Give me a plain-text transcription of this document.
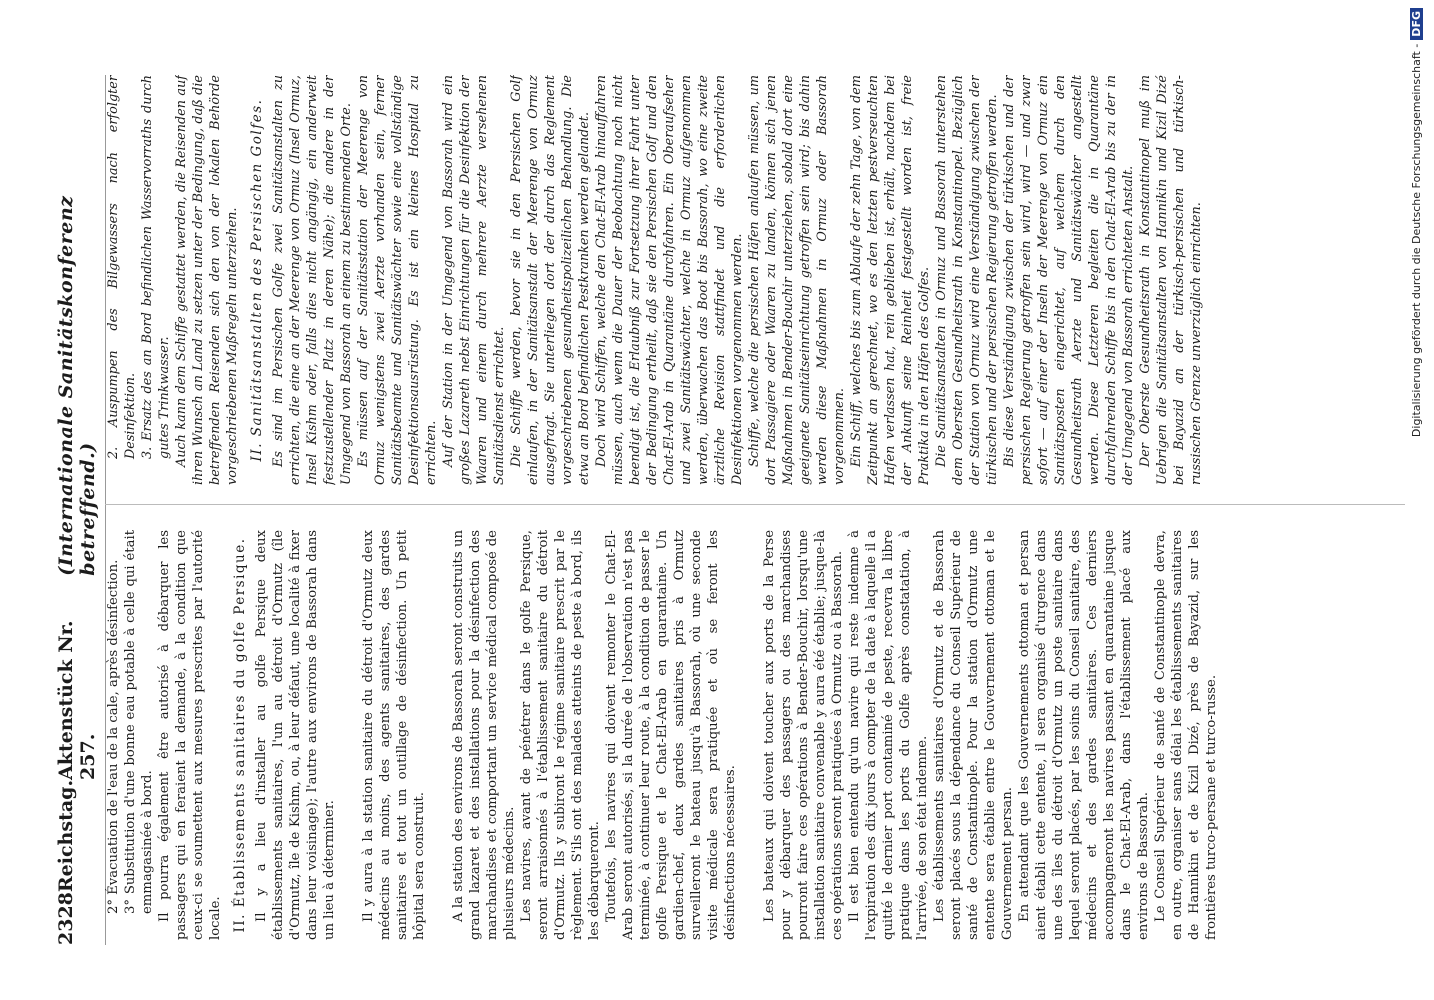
2328
Reichstag.
Aktenstück Nr. 257.
(Internationale Sanitätskonferenz betreffend.)

2° Évacuation de l'eau de la cale, après désinfection. 3° Substitution d'une bonne eau potable à celle qui était emmagasinée à bord. Il pourra également être autorisé à débarquer les passagers qui en feraient la demande, à la condition que ceux-ci se soumettent aux mesures prescrites par l'autorité locale. II. Établissements sanitaires du golfe Persique. Il y a lieu d'installer au golfe Persique deux établissements sanitaires, l'un au détroit d'Ormutz (île d'Ormutz, île de Kishm, ou, à leur défaut, une localité à fixer dans leur voisinage); l'autre aux environs de Bassorah dans un lieu à déterminer. Il y aura à la station sanitaire du détroit d'Ormutz deux médecins au moins, des agents sanitaires, des gardes sanitaires et tout un outillage de désinfection. Un petit hôpital sera construit. A la station des environs de Bassorah seront construits un grand lazaret et des installations pour la désinfection des marchandises et comportant un service médical composé de plusieurs médecins. Les navires, avant de pénétrer dans le golfe Persique, seront arraisonnés à l'établissement sanitaire du détroit d'Ormutz. Ils y subiront le régime sanitaire prescrit par le règlement. S'ils ont des malades atteints de peste à bord, ils les débarqueront. Toutefois, les navires qui doivent remonter le Chat-El-Arab seront autorisés, si la durée de l'observation n'est pas terminée, à continuer leur route, à la condition de passer le golfe Persique et le Chat-El-Arab en quarantaine. Un gardien-chef, deux gardes sanitaires pris à Ormutz surveilleront le bateau jusqu'à Bassorah, où une seconde visite médicale sera pratiquée et où se feront les désinfections nécessaires. Les bateaux qui doivent toucher aux ports de la Perse pour y débarquer des passagers ou des marchandises pourront faire ces opérations à Bender-Bouchir, lorsqu'une installation sanitaire convenable y aura été établie; jusque-là ces opérations seront pratiquées à Ormutz ou à Bassorah. Il est bien entendu qu'un navire qui reste indemne à l'expiration des dix jours à compter de la date à laquelle il a quitté le dernier port contaminé de peste, recevra la libre pratique dans les ports du Golfe après constatation, à l'arrivée, de son état indemne. Les établissements sanitaires d'Ormutz et de Bassorah seront placés sous la dépendance du Conseil Supérieur de santé de Constantinople. Pour la station d'Ormutz une entente sera établie entre le Gouvernement ottoman et le Gouvernement persan. En attendant que les Gouvernements ottoman et persan aient établi cette entente, il sera organisé d'urgence dans une des îles du détroit d'Ormutz un poste sanitaire dans lequel seront placés, par les soins du Conseil sanitaire, des médecins et des gardes sanitaires. Ces derniers accompagneront les navires passant en quarantaine jusque dans le Chat-El-Arab, dans l'établissement placé aux environs de Bassorah. Le Conseil Supérieur de santé de Constantinople devra, en outre, organiser sans délai les établissements sanitaires de Hannikin et de Kizil Dizé, près de Bayazid, sur les frontières turco-persane et turco-russe.

2. Auspumpen des Bilgewassers nach erfolgter Desinfektion. 3. Ersatz des an Bord befindlichen Wasservorraths durch gutes Trinkwasser. Auch kann dem Schiffe gestattet werden, die Reisenden auf ihren Wunsch an Land zu setzen unter der Bedingung, daß die betreffenden Reisenden sich den von der lokalen Behörde vorgeschriebenen Maßregeln unterziehen. II. Sanitätsanstalten des Persischen Golfes. Es sind im Persischen Golfe zwei Sanitätsanstalten zu errichten, die eine an der Meerenge von Ormuz (Insel Ormuz, Insel Kishm oder, falls dies nicht angängig, ein anderweit festzustellender Platz in deren Nähe); die andere in der Umgegend von Bassorah an einem zu bestimmenden Orte. Es müssen auf der Sanitätsstation der Meerenge von Ormuz wenigstens zwei Aerzte vorhanden sein, ferner Sanitätsbeamte und Sanitätswächter sowie eine vollständige Desinfektionsausrüstung. Es ist ein kleines Hospital zu errichten. Auf der Station in der Umgegend von Bassorah wird ein großes Lazareth nebst Einrichtungen für die Desinfektion der Waaren und einem durch mehrere Aerzte versehenen Sanitätsdienst errichtet. Die Schiffe werden, bevor sie in den Persischen Golf einlaufen, in der Sanitätsanstalt der Meerenge von Ormuz ausgefragt. Sie unterliegen dort der durch das Reglement vorgeschriebenen gesundheitspolizeilichen Behandlung. Die etwa an Bord befindlichen Pestkranken werden gelandet. Doch wird Schiffen, welche den Chat-El-Arab hinauffahren müssen, auch wenn die Dauer der Beobachtung noch nicht beendigt ist, die Erlaubniß zur Fortsetzung ihrer Fahrt unter der Bedingung ertheilt, daß sie den Persischen Golf und den Chat-El-Arab in Quarantäne durchfahren. Ein Oberaufseher und zwei Sanitätswächter, welche in Ormuz aufgenommen werden, überwachen das Boot bis Bassorah, wo eine zweite ärztliche Revision stattfindet und die erforderlichen Desinfektionen vorgenommen werden. Schiffe, welche die persischen Häfen anlaufen müssen, um dort Passagiere oder Waaren zu landen, können sich jenen Maßnahmen in Bender-Bouchir unterziehen, sobald dort eine geeignete Sanitätseinrichtung getroffen sein wird; bis dahin werden diese Maßnahmen in Ormuz oder Bassorah vorgenommen. Ein Schiff, welches bis zum Ablaufe der zehn Tage, von dem Zeitpunkt an gerechnet, wo es den letzten pestverseuchten Hafen verlassen hat, rein geblieben ist, erhält, nachdem bei der Ankunft seine Reinheit festgestellt worden ist, freie Praktika in den Häfen des Golfes. Die Sanitätsanstalten in Ormuz und Bassorah unterstehen dem Obersten Gesundheitsrath in Konstantinopel. Bezüglich der Station von Ormuz wird eine Verständigung zwischen der türkischen und der persischen Regierung getroffen werden. Bis diese Verständigung zwischen der türkischen und der persischen Regierung getroffen sein wird, wird — und zwar sofort — auf einer der Inseln der Meerenge von Ormuz ein Sanitätsposten eingerichtet, auf welchem durch den Gesundheitsrath Aerzte und Sanitätswächter angestellt werden. Diese Letzteren begleiten die in Quarantäne durchfahrenden Schiffe bis in den Chat-El-Arab bis zu der in der Umgegend von Bassorah errichteten Anstalt. Der Oberste Gesundheitsrath in Konstantinopel muß im Uebrigen die Sanitätsanstalten von Hannikin und Kizil Dizé bei Bayazid an der türkisch-persischen und türkisch-russischen Grenze unverzüglich einrichten.	Digitalisierung gefördert durch die Deutsche Forschungsgemeinschaft -DFG
